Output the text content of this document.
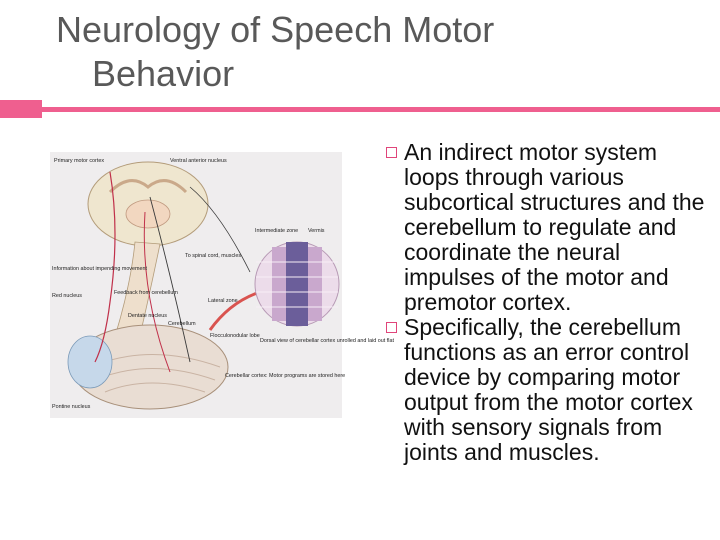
Neurology of Speech Motor
Behavior
Primary motor cortex	Ventral anterior nucleus
Intermediate zone Vermis
To spinal cord, muscles
Information about impending movement
Feedback from cerebellum
Red nucleus
Lateral zone
Dentate nucleus
Cerebellum
Flocculonodular lobe
Dorsal view of cerebellar cortex unrolled and laid out flat
Cerebellar cortex: Motor programs are stored here
Pontine nucleus
An indirect motor system loops through various subcortical structures and the cerebellum to regulate and coordinate the neural impulses of the motor and premotor cortex.
Specifically, the cerebellum functions as an error control device by comparing motor output from the motor cortex with sensory signals from joints and muscles.
